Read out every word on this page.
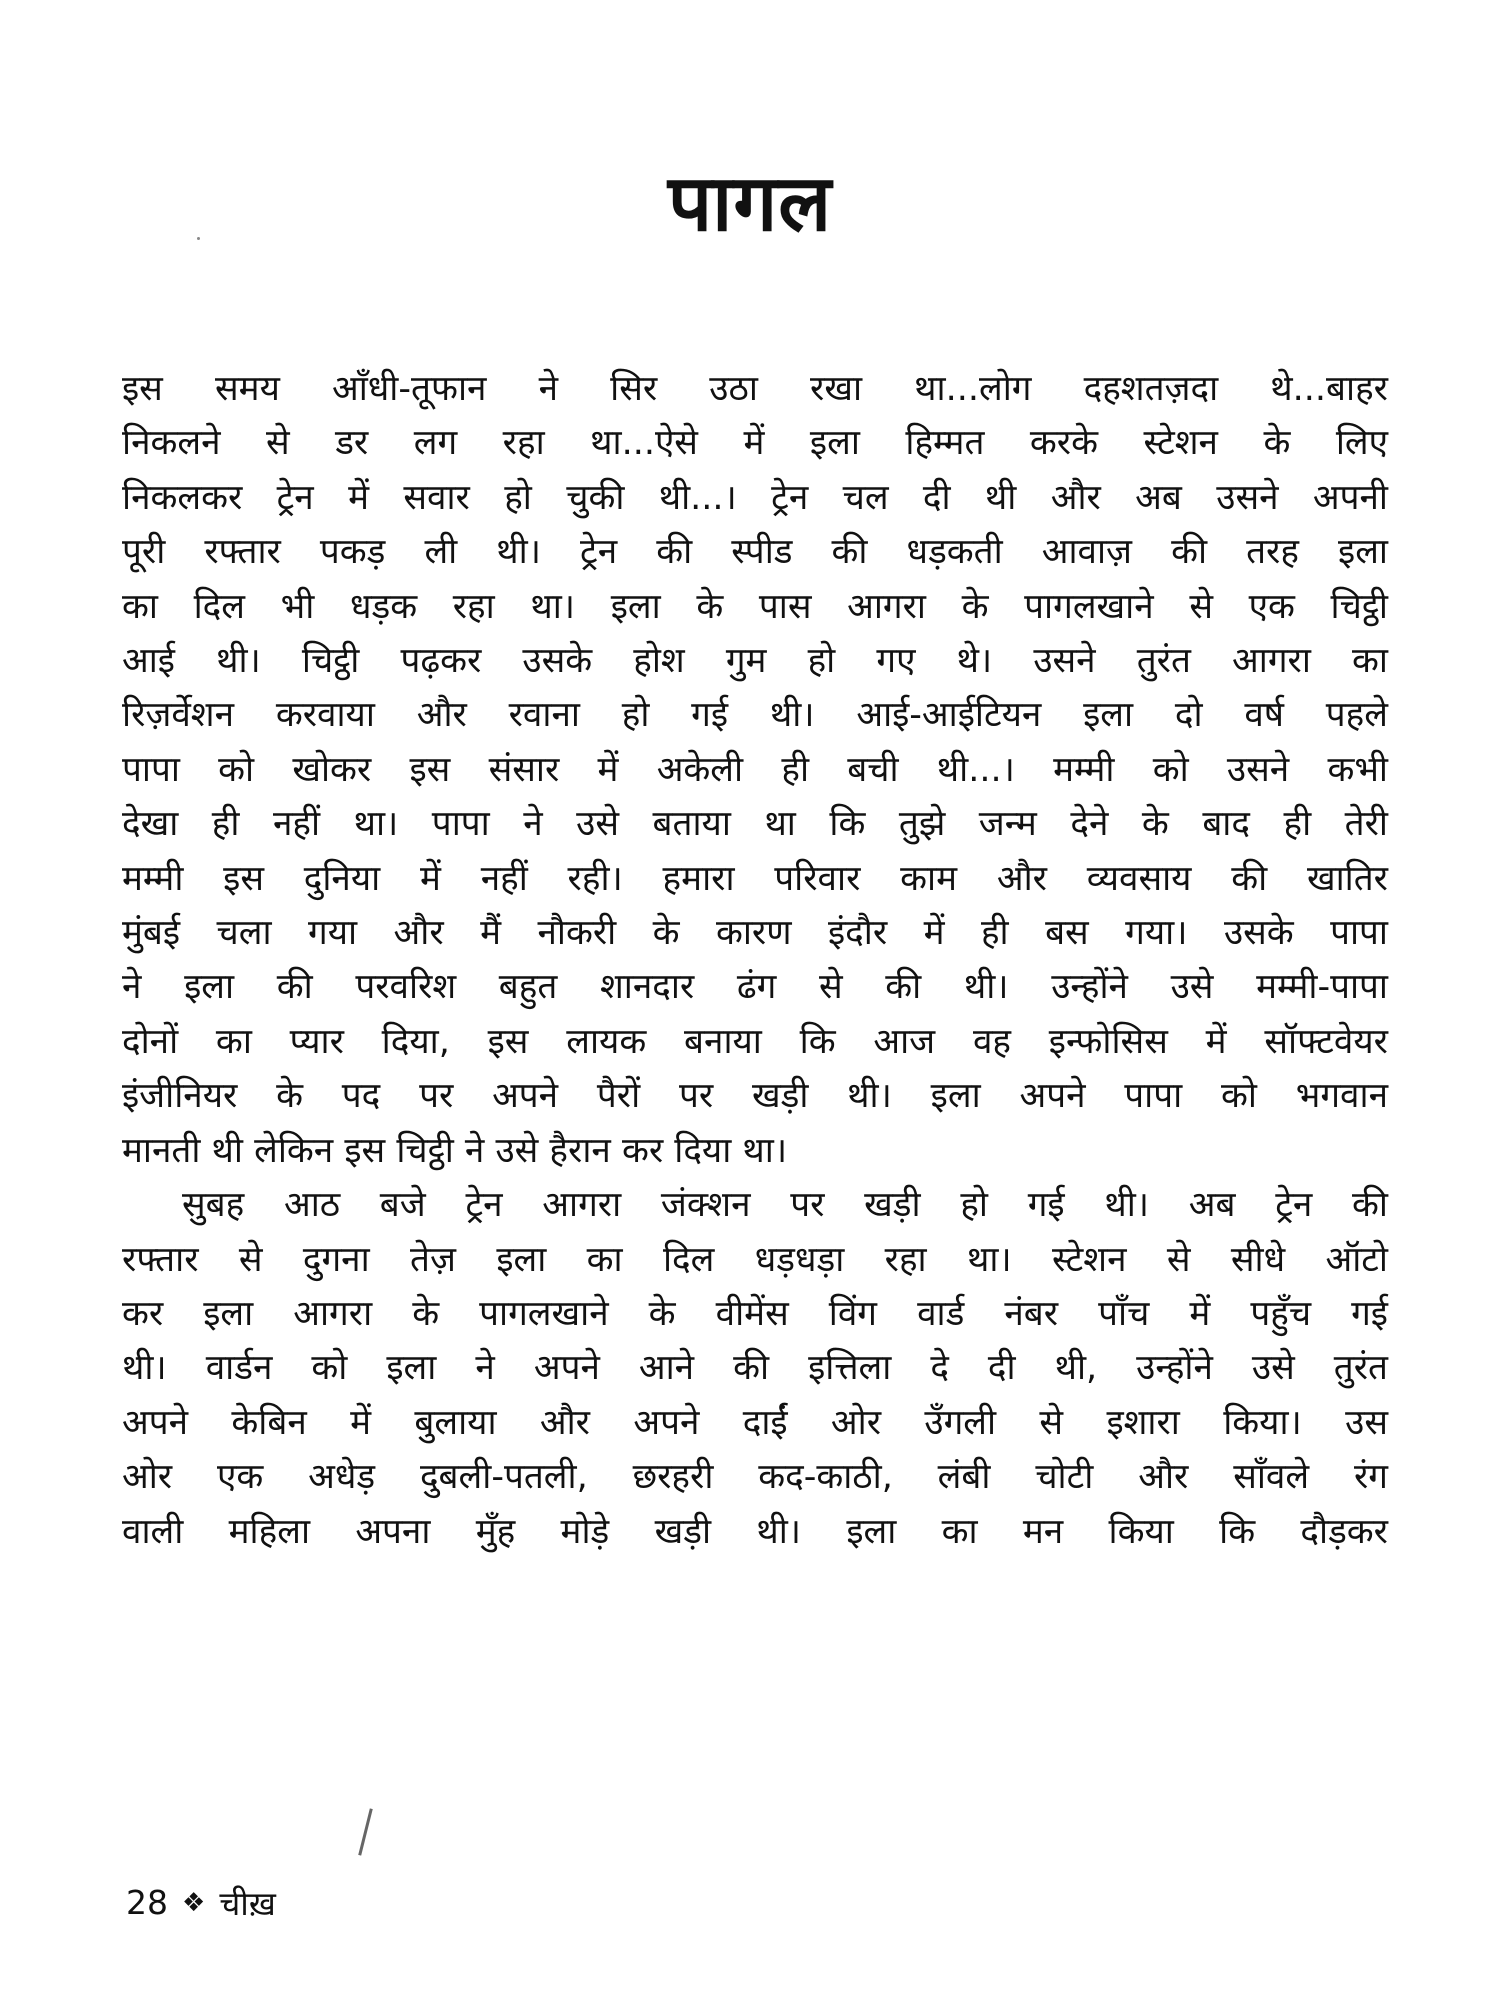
पागल

इस समय आँधी-तूफान ने सिर उठा रखा था...लोग दहशतज़दा थे...बाहर
निकलने से डर लग रहा था...ऐसे में इला हिम्मत करके स्टेशन के लिए
निकलकर ट्रेन में सवार हो चुकी थी...। ट्रेन चल दी थी और अब उसने अपनी
पूरी रफ्तार पकड़ ली थी। ट्रेन की स्पीड की धड़कती आवाज़ की तरह इला
का दिल भी धड़क रहा था। इला के पास आगरा के पागलखाने से एक चिट्ठी
आई थी। चिट्ठी पढ़कर उसके होश गुम हो गए थे। उसने तुरंत आगरा का
रिज़र्वेशन करवाया और रवाना हो गई थी। आई-आईटियन इला दो वर्ष पहले
पापा को खोकर इस संसार में अकेली ही बची थी...। मम्मी को उसने कभी
देखा ही नहीं था। पापा ने उसे बताया था कि तुझे जन्म देने के बाद ही तेरी
मम्मी इस दुनिया में नहीं रही। हमारा परिवार काम और व्यवसाय की खातिर
मुंबई चला गया और मैं नौकरी के कारण इंदौर में ही बस गया। उसके पापा
ने इला की परवरिश बहुत शानदार ढंग से की थी। उन्होंने उसे मम्मी-पापा
दोनों का प्यार दिया, इस लायक बनाया कि आज वह इन्फोसिस में सॉफ्टवेयर
इंजीनियर के पद पर अपने पैरों पर खड़ी थी। इला अपने पापा को भगवान
मानती थी लेकिन इस चिट्ठी ने उसे हैरान कर दिया था।

सुबह आठ बजे ट्रेन आगरा जंक्शन पर खड़ी हो गई थी। अब ट्रेन की
रफ्तार से दुगना तेज़ इला का दिल धड़धड़ा रहा था। स्टेशन से सीधे ऑटो
कर इला आगरा के पागलखाने के वीमेंस विंग वार्ड नंबर पाँच में पहुँच गई
थी। वार्डन को इला ने अपने आने की इत्तिला दे दी थी, उन्होंने उसे तुरंत
अपने केबिन में बुलाया और अपने दाईं ओर उँगली से इशारा किया। उस
ओर एक अधेड़ दुबली-पतली, छरहरी कद-काठी, लंबी चोटी और साँवले रंग
वाली महिला अपना मुँह मोड़े खड़ी थी। इला का मन किया कि दौड़कर

28 ❖ चीख़
